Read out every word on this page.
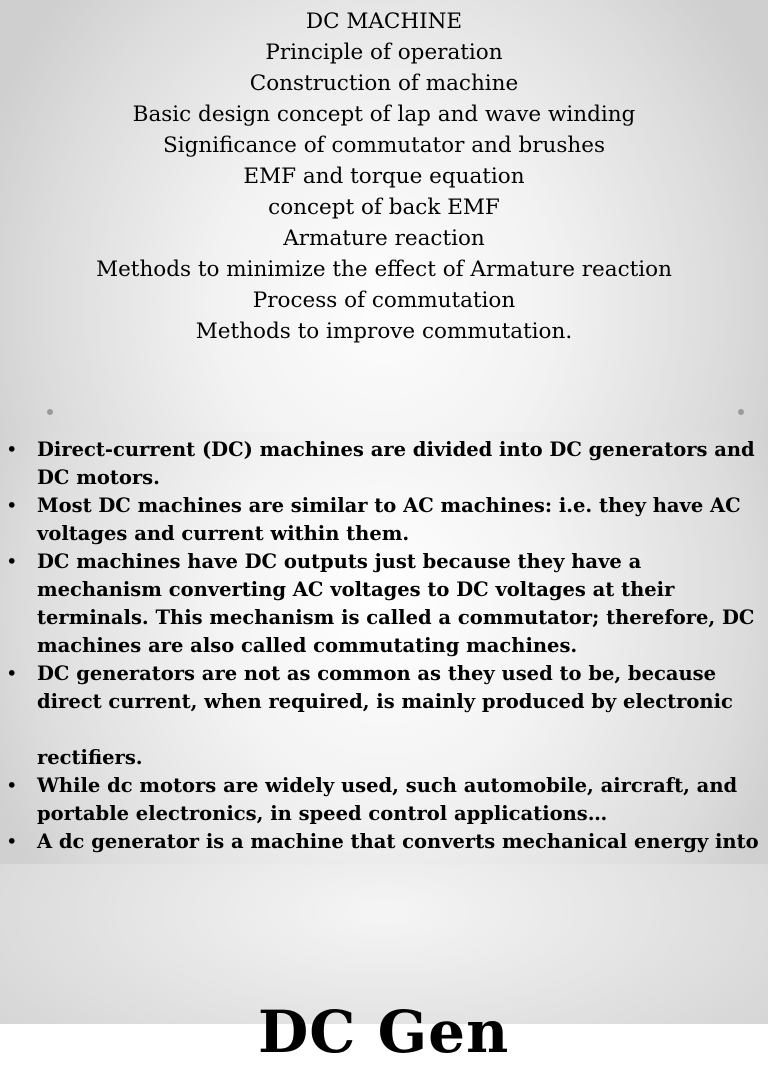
DC MACHINE
Principle of operation
Construction of machine
Basic design concept of lap and wave winding
Significance of commutator and brushes
EMF and torque equation
concept of back EMF
Armature reaction
Methods to minimize the effect of Armature reaction
Process of commutation
Methods to improve commutation.
• Direct-current (DC) machines are divided into DC generators and DC motors.
• Most DC machines are similar to AC machines: i.e. they have AC voltages and current within them.
• DC machines have DC outputs just because they have a mechanism converting AC voltages to DC voltages at their terminals. This mechanism is called a commutator; therefore, DC machines are also called commutating machines.
• DC generators are not as common as they used to be, because direct current, when required, is mainly produced by electronic
rectifiers.
• While dc motors are widely used, such automobile, aircraft, and portable electronics, in speed control applications…
• A dc generator is a machine that converts mechanical energy into
DC Gen
